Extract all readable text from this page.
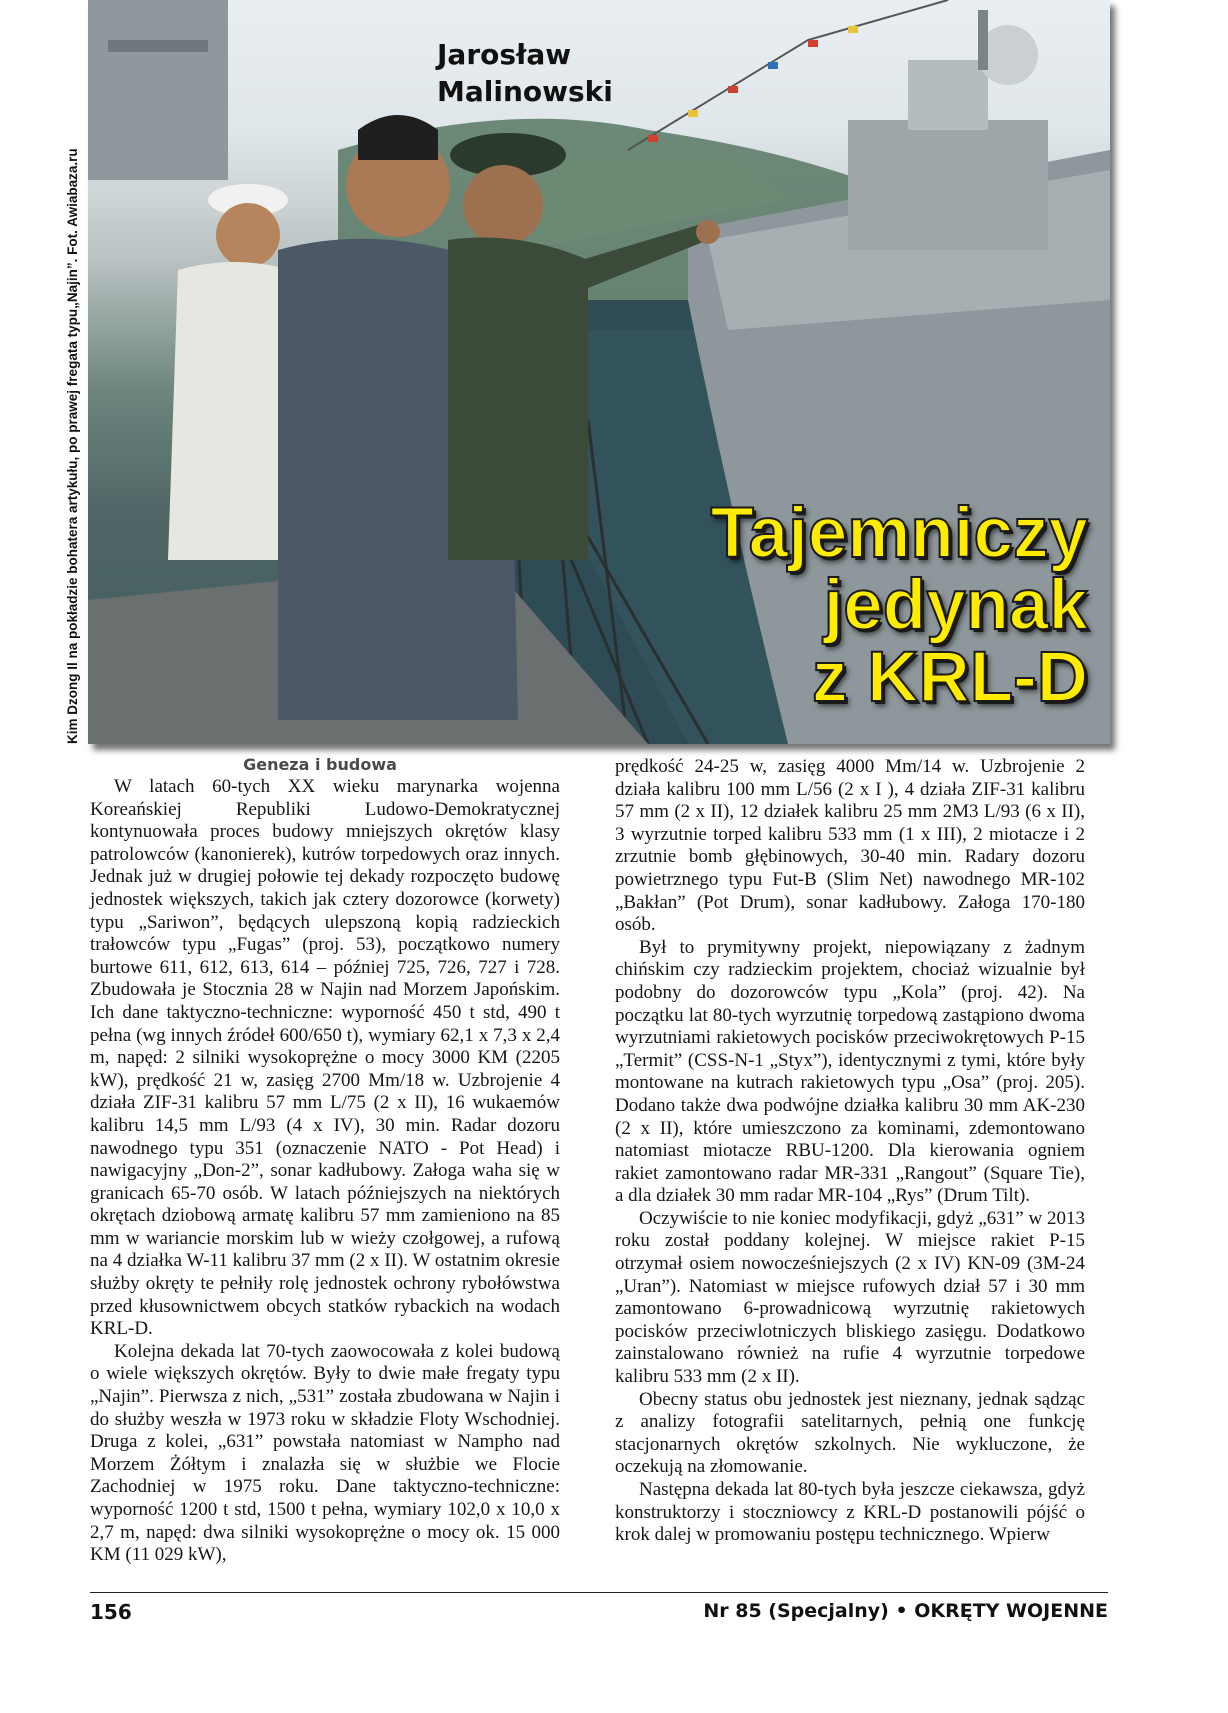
Kim Dzong Il na pokładzie bohatera artykułu, po prawej fregata typu„Najin”. Fot. Awiabaza.ru
Jarosław
Malinowski
Tajemniczy
jedynak
z KRL-D
Geneza i budowa

W latach 60-tych XX wieku marynarka wojenna Koreańskiej Republiki Ludowo-Demokratycznej kontynuowała proces budowy mniejszych okrętów klasy patrolowców (kanonierek), kutrów torpedowych oraz innych. Jednak już w drugiej połowie tej dekady rozpoczęto budowę jednostek większych, takich jak cztery dozorowce (korwety) typu „Sariwon”, będących ulepszoną kopią radzieckich trałowców typu „Fugas” (proj. 53), początkowo numery burtowe 611, 612, 613, 614 – później 725, 726, 727 i 728. Zbudowała je Stocznia 28 w Najin nad Morzem Japońskim. Ich dane taktyczno-techniczne: wyporność 450 t std, 490 t pełna (wg innych źródeł 600/650 t), wymiary 62,1 x 7,3 x 2,4 m, napęd: 2 silniki wysokoprężne o mocy 3000 KM (2205 kW), prędkość 21 w, zasięg 2700 Mm/18 w. Uzbrojenie 4 działa ZIF-31 kalibru 57 mm L/75 (2 x II), 16 wukaemów kalibru 14,5 mm L/93 (4 x IV), 30 min. Radar dozoru nawodnego typu 351 (oznaczenie NATO - Pot Head) i nawigacyjny „Don-2”, sonar kadłubowy. Załoga waha się w granicach 65-70 osób. W latach późniejszych na niektórych okrętach dziobową armatę kalibru 57 mm zamieniono na 85 mm w wariancie morskim lub w wieży czołgowej, a rufową na 4 działka W-11 kalibru 37 mm (2 x II). W ostatnim okresie służby okręty te pełniły rolę jednostek ochrony rybołówstwa przed kłusownictwem obcych statków rybackich na wodach KRL-D.

Kolejna dekada lat 70-tych zaowocowała z kolei budową o wiele większych okrętów. Były to dwie małe fregaty typu „Najin”. Pierwsza z nich, „531” została zbudowana w Najin i do służby weszła w 1973 roku w składzie Floty Wschodniej. Druga z kolei, „631” powstała natomiast w Nampho nad Morzem Żółtym i znalazła się w służbie we Flocie Zachodniej w 1975 roku. Dane taktyczno-techniczne: wyporność 1200 t std, 1500 t pełna, wymiary 102,0 x 10,0 x 2,7 m, napęd: dwa silniki wysokoprężne o mocy ok. 15 000 KM (11 029 kW),

prędkość 24-25 w, zasięg 4000 Mm/14 w. Uzbrojenie 2 działa kalibru 100 mm L/56 (2 x I ), 4 działa ZIF-31 kalibru 57 mm (2 x II), 12 działek kalibru 25 mm 2M3 L/93 (6 x II), 3 wyrzutnie torped kalibru 533 mm (1 x III), 2 miotacze i 2 zrzutnie bomb głębinowych, 30-40 min. Radary dozoru powietrznego typu Fut-B (Slim Net) nawodnego MR-102 „Bakłan” (Pot Drum), sonar kadłubowy. Załoga 170-180 osób.

Był to prymitywny projekt, niepowiązany z żadnym chińskim czy radzieckim projektem, chociaż wizualnie był podobny do dozorowców typu „Kola” (proj. 42). Na początku lat 80-tych wyrzutnię torpedową zastąpiono dwoma wyrzutniami rakietowych pocisków przeciwokrętowych P-15 „Termit” (CSS-N-1 „Styx”), identycznymi z tymi, które były montowane na kutrach rakietowych typu „Osa” (proj. 205). Dodano także dwa podwójne działka kalibru 30 mm AK-230 (2 x II), które umieszczono za kominami, zdemontowano natomiast miotacze RBU-1200. Dla kierowania ogniem rakiet zamontowano radar MR-331 „Rangout” (Square Tie), a dla działek 30 mm radar MR-104 „Rys” (Drum Tilt).

Oczywiście to nie koniec modyfikacji, gdyż „631” w 2013 roku został poddany kolejnej. W miejsce rakiet P-15 otrzymał osiem nowocześniejszych (2 x IV) KN-09 (3M-24 „Uran”). Natomiast w miejsce rufowych dział 57 i 30 mm zamontowano 6-prowadnicową wyrzutnię rakietowych pocisków przeciwlotniczych bliskiego zasięgu. Dodatkowo zainstalowano również na rufie 4 wyrzutnie torpedowe kalibru 533 mm (2 x II).

Obecny status obu jednostek jest nieznany, jednak sądząc z analizy fotografii satelitarnych, pełnią one funkcję stacjonarnych okrętów szkolnych. Nie wykluczone, że oczekują na złomowanie.

Następna dekada lat 80-tych była jeszcze ciekawsza, gdyż konstruktorzy i stoczniowcy z KRL-D postanowili pójść o krok dalej w promowaniu postępu technicznego. Wpierw

156	Nr 85 (Specjalny) • OKRĘTY WOJENNE
